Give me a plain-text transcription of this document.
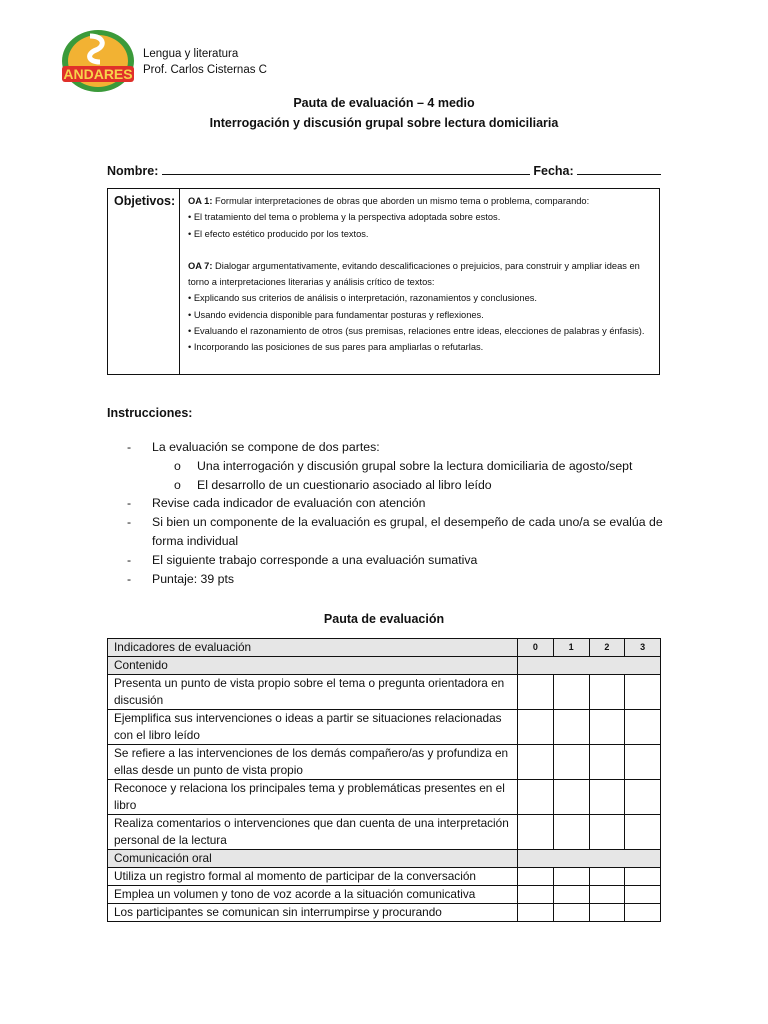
ANDARES
Lengua y literatura
Prof. Carlos Cisternas C
Pauta de evaluación – 4 medio
Interrogación y discusión grupal sobre lectura domiciliaria
Nombre:	Fecha:
Objetivos:	OA 1: Formular interpretaciones de obras que aborden un mismo tema o problema, comparando:

• El tratamiento del tema o problema y la perspectiva adoptada sobre estos.

• El efecto estético producido por los textos.

OA 7: Dialogar argumentativamente, evitando descalificaciones o prejuicios, para construir y ampliar ideas en torno a interpretaciones literarias y análisis crítico de textos:

• Explicando sus criterios de análisis o interpretación, razonamientos y conclusiones.

• Usando evidencia disponible para fundamentar posturas y reflexiones.

• Evaluando el razonamiento de otros (sus premisas, relaciones entre ideas, elecciones de palabras y énfasis).

• Incorporando las posiciones de sus pares para ampliarlas o refutarlas.

Instrucciones:
- La evaluación se compone de dos partes:
o Una interrogación y discusión grupal sobre la lectura domiciliaria de agosto/sept
o El desarrollo de un cuestionario asociado al libro leído
- Revise cada indicador de evaluación con atención
- Si bien un componente de la evaluación es grupal, el desempeño de cada uno/a se evalúa de forma individual
- El siguiente trabajo corresponde a una evaluación sumativa
- Puntaje: 39 pts
Pauta de evaluación
Indicadores de evaluación	0	1	2	3
Contenido				
Presenta un punto de vista propio sobre el tema o pregunta orientadora en discusión				
Ejemplifica sus intervenciones o ideas a partir se situaciones relacionadas con el libro leído				
Se refiere a las intervenciones de los demás compañero/as y profundiza en ellas desde un punto de vista propio				
Reconoce y relaciona los principales tema y problemáticas presentes en el libro				
Realiza comentarios o intervenciones que dan cuenta de una interpretación personal de la lectura				
Comunicación oral				
Utiliza un registro formal al momento de participar de la conversación				
Emplea un volumen y tono de voz acorde a la situación comunicativa				
Los participantes se comunican sin interrumpirse y procurando				
